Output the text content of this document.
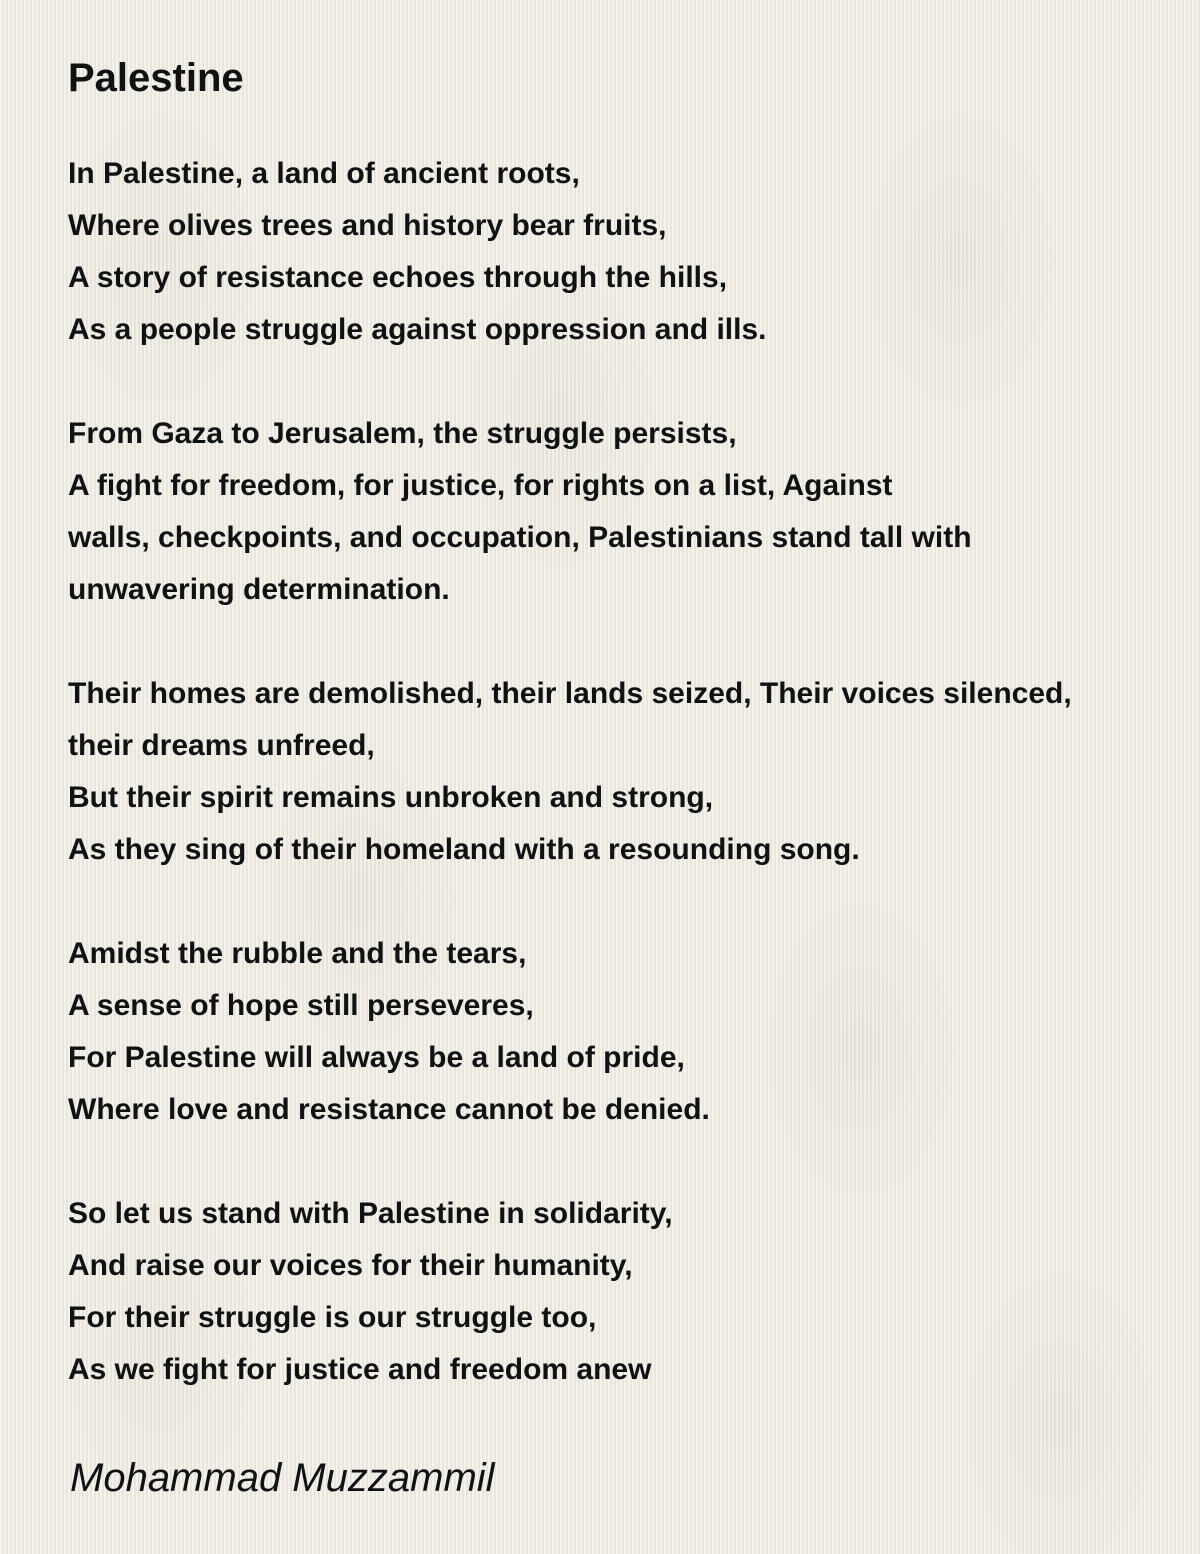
Palestine
In Palestine, a land of ancient roots,
Where olives trees and history bear fruits,
A story of resistance echoes through the hills,
As a people struggle against oppression and ills.
From Gaza to Jerusalem, the struggle persists,
A fight for freedom, for justice, for rights on a list, Against
walls, checkpoints, and occupation, Palestinians stand tall with
unwavering determination.
Their homes are demolished, their lands seized, Their voices silenced,
their dreams unfreed,
But their spirit remains unbroken and strong,
As they sing of their homeland with a resounding song.
Amidst the rubble and the tears,
A sense of hope still perseveres,
For Palestine will always be a land of pride,
Where love and resistance cannot be denied.
So let us stand with Palestine in solidarity,
And raise our voices for their humanity,
For their struggle is our struggle too,
As we fight for justice and freedom anew
Mohammad Muzzammil
